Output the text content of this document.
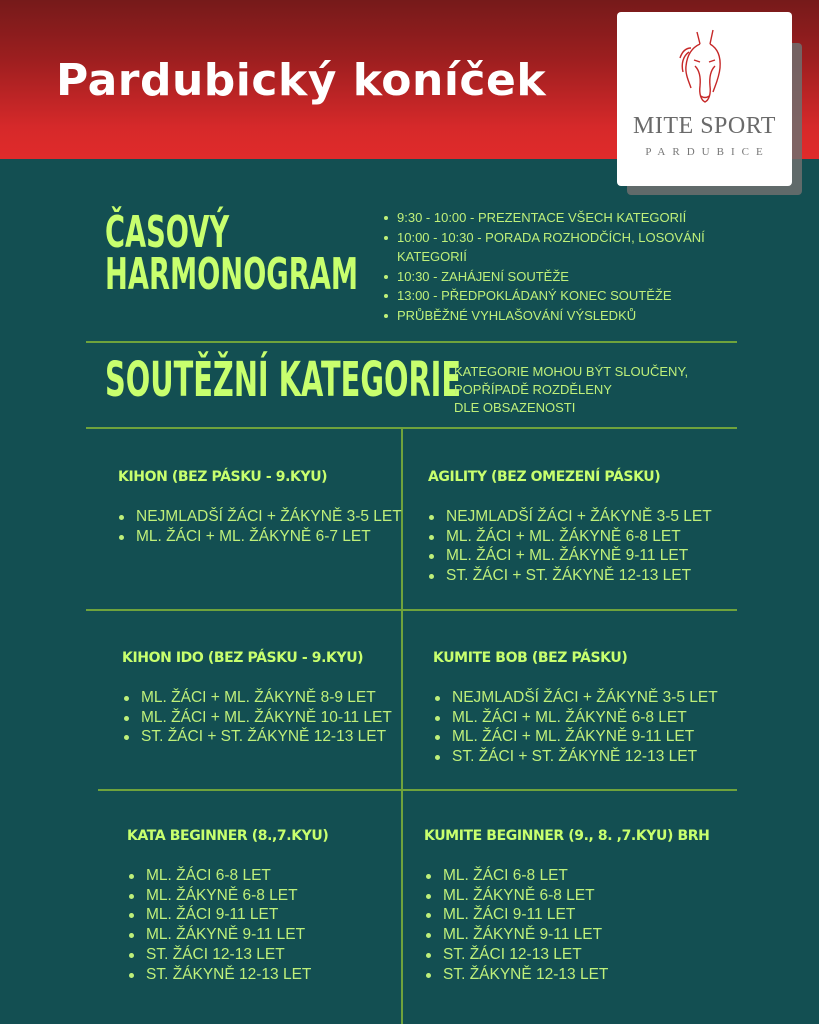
Pardubický koníček
MITE SPORT
PARDUBICE
ČASOVÝ
HARMONOGRAM
9:30 - 10:00 - PREZENTACE VŠECH KATEGORIÍ
10:00 - 10:30 - PORADA ROZHODČÍCH, LOSOVÁNÍ KATEGORIÍ
10:30 - ZAHÁJENÍ SOUTĚŽE
13:00 - PŘEDPOKLÁDANÝ KONEC SOUTĚŽE
PRŮBĚŽNÉ VYHLAŠOVÁNÍ VÝSLEDKŮ
SOUTĚŽNÍ KATEGORIE
KATEGORIE MOHOU BÝT SLOUČENY,
POPŘÍPADĚ ROZDĚLENY
DLE OBSAZENOSTI
KIHON (BEZ PÁSKU - 9.KYU)
NEJMLADŠÍ ŽÁCI + ŽÁKYNĚ 3-5 LET
ML. ŽÁCI + ML. ŽÁKYNĚ 6-7 LET
AGILITY (BEZ OMEZENÍ PÁSKU)
NEJMLADŠÍ ŽÁCI + ŽÁKYNĚ 3-5 LET
ML. ŽÁCI + ML. ŽÁKYNĚ 6-8 LET
ML. ŽÁCI + ML. ŽÁKYNĚ 9-11 LET
ST. ŽÁCI + ST. ŽÁKYNĚ 12-13 LET
KIHON IDO (BEZ PÁSKU - 9.KYU)
ML. ŽÁCI + ML. ŽÁKYNĚ 8-9 LET
ML. ŽÁCI + ML. ŽÁKYNĚ 10-11 LET
ST. ŽÁCI + ST. ŽÁKYNĚ 12-13 LET
KUMITE BOB (BEZ PÁSKU)
NEJMLADŠÍ ŽÁCI + ŽÁKYNĚ 3-5 LET
ML. ŽÁCI + ML. ŽÁKYNĚ 6-8 LET
ML. ŽÁCI + ML. ŽÁKYNĚ 9-11 LET
ST. ŽÁCI + ST. ŽÁKYNĚ 12-13 LET
KATA BEGINNER (8.,7.KYU)
ML. ŽÁCI 6-8 LET
ML. ŽÁKYNĚ 6-8 LET
ML. ŽÁCI 9-11 LET
ML. ŽÁKYNĚ 9-11 LET
ST. ŽÁCI 12-13 LET
ST. ŽÁKYNĚ 12-13 LET
KUMITE BEGINNER (9., 8. ,7.KYU) BRH
ML. ŽÁCI 6-8 LET
ML. ŽÁKYNĚ 6-8 LET
ML. ŽÁCI 9-11 LET
ML. ŽÁKYNĚ 9-11 LET
ST. ŽÁCI 12-13 LET
ST. ŽÁKYNĚ 12-13 LET
